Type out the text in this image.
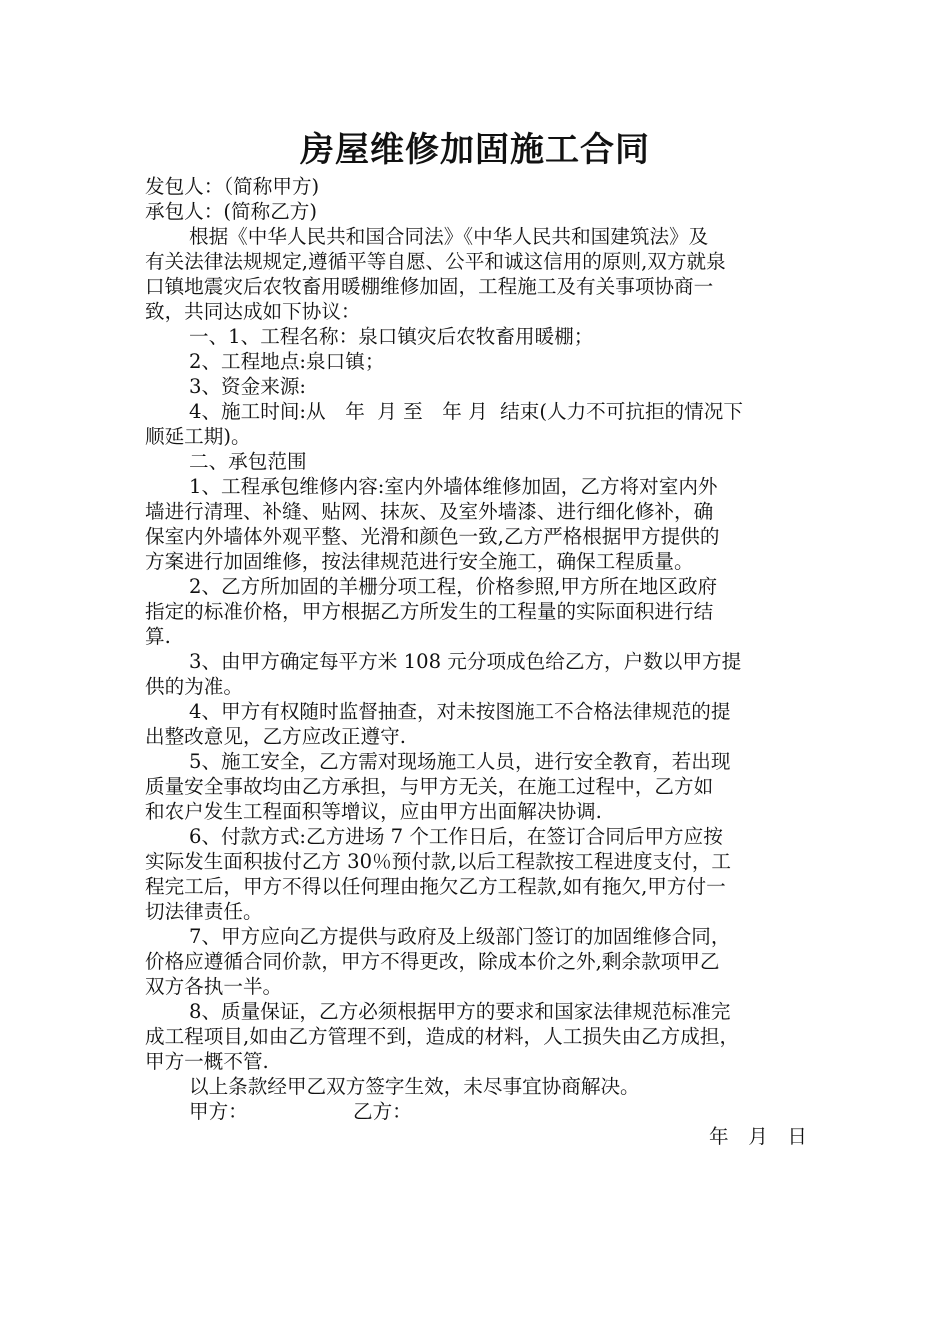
房屋维修加固施工合同
发包人：（简称甲方)
承包人：(简称乙方)
根据《中华人民共和国合同法》《中华人民共和国建筑法》及
有关法律法规规定,遵循平等自愿、公平和诚这信用的原则,双方就泉
口镇地震灾后农牧畜用暖棚维修加固，工程施工及有关事项协商一
致，共同达成如下协议：
一、1、工程名称：泉口镇灾后农牧畜用暖棚；
2、工程地点:泉口镇；
3、资金来源:
4、施工时间:从　年  月 至　年 月  结束(人力不可抗拒的情况下
顺延工期)。
二、承包范围
1、工程承包维修内容:室内外墙体维修加固，乙方将对室内外
墙进行清理、补缝、贴网、抹灰、及室外墙漆、进行细化修补，确
保室内外墙体外观平整、光滑和颜色一致,乙方严格根据甲方提供的
方案进行加固维修，按法律规范进行安全施工，确保工程质量。
2、乙方所加固的羊栅分项工程，价格参照,甲方所在地区政府
指定的标准价格，甲方根据乙方所发生的工程量的实际面积进行结
算.
3、由甲方确定每平方米 108 元分项成色给乙方，户数以甲方提
供的为准。
4、甲方有权随时监督抽查，对未按图施工不合格法律规范的提
出整改意见，乙方应改正遵守.
5、施工安全，乙方需对现场施工人员，进行安全教育，若出现
质量安全事故均由乙方承担，与甲方无关，在施工过程中，乙方如
和农户发生工程面积等增议，应由甲方出面解决协调.
6、付款方式:乙方进场 7 个工作日后，在签订合同后甲方应按
实际发生面积拔付乙方 30％预付款,以后工程款按工程进度支付，工
程完工后，甲方不得以任何理由拖欠乙方工程款,如有拖欠,甲方付一
切法律责任。
7、甲方应向乙方提供与政府及上级部门签订的加固维修合同，
价格应遵循合同价款，甲方不得更改，除成本价之外,剩余款项甲乙
双方各执一半。
8、质量保证，乙方必须根据甲方的要求和国家法律规范标准完
成工程项目,如由乙方管理不到，造成的材料，人工损失由乙方成担，
甲方一概不管.
以上条款经甲乙双方签字生效，未尽事宜协商解决。
甲方：	乙方：
年　月　日
